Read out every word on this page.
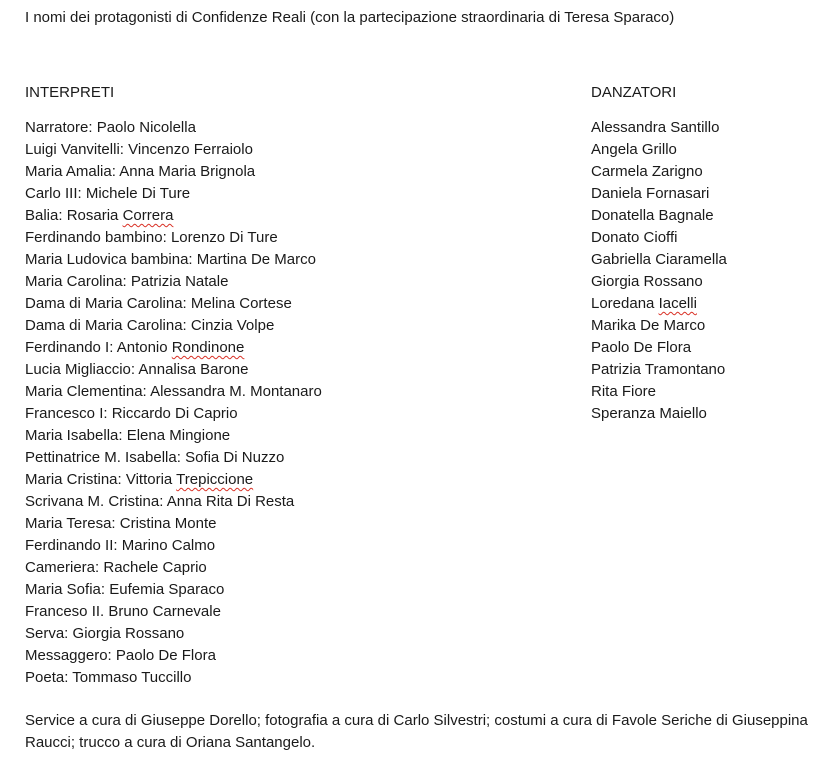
I nomi dei protagonisti di Confidenze Reali (con la partecipazione straordinaria di Teresa Sparaco)
INTERPRETI	DANZATORI
Narratore: Paolo Nicolella
Luigi Vanvitelli: Vincenzo Ferraiolo
Maria Amalia: Anna Maria Brignola
Carlo III: Michele Di Ture
Balia: Rosaria Correra
Ferdinando bambino: Lorenzo Di Ture
Maria Ludovica bambina: Martina De Marco
Maria Carolina: Patrizia Natale
Dama di Maria Carolina: Melina Cortese
Dama di Maria Carolina: Cinzia Volpe
Ferdinando I: Antonio Rondinone
Lucia Migliaccio: Annalisa Barone
Maria Clementina: Alessandra M. Montanaro
Francesco I: Riccardo Di Caprio
Maria Isabella: Elena Mingione
Pettinatrice M. Isabella: Sofia Di Nuzzo
Maria Cristina: Vittoria Trepiccione
Scrivana M. Cristina: Anna Rita Di Resta
Maria Teresa: Cristina Monte
Ferdinando II: Marino Calmo
Cameriera: Rachele Caprio
Maria Sofia: Eufemia Sparaco
Franceso II. Bruno Carnevale
Serva: Giorgia Rossano
Messaggero: Paolo De Flora
Poeta: Tommaso Tuccillo
Alessandra Santillo
Angela Grillo
Carmela Zarigno
Daniela Fornasari
Donatella Bagnale
Donato Cioffi
Gabriella Ciaramella
Giorgia Rossano
Loredana Iacelli
Marika De Marco
Paolo De Flora
Patrizia Tramontano
Rita Fiore
Speranza Maiello
Service a cura di Giuseppe Dorello; fotografia a cura di Carlo Silvestri; costumi a cura di Favole Seriche di Giuseppina Raucci; trucco a cura di Oriana Santangelo.
